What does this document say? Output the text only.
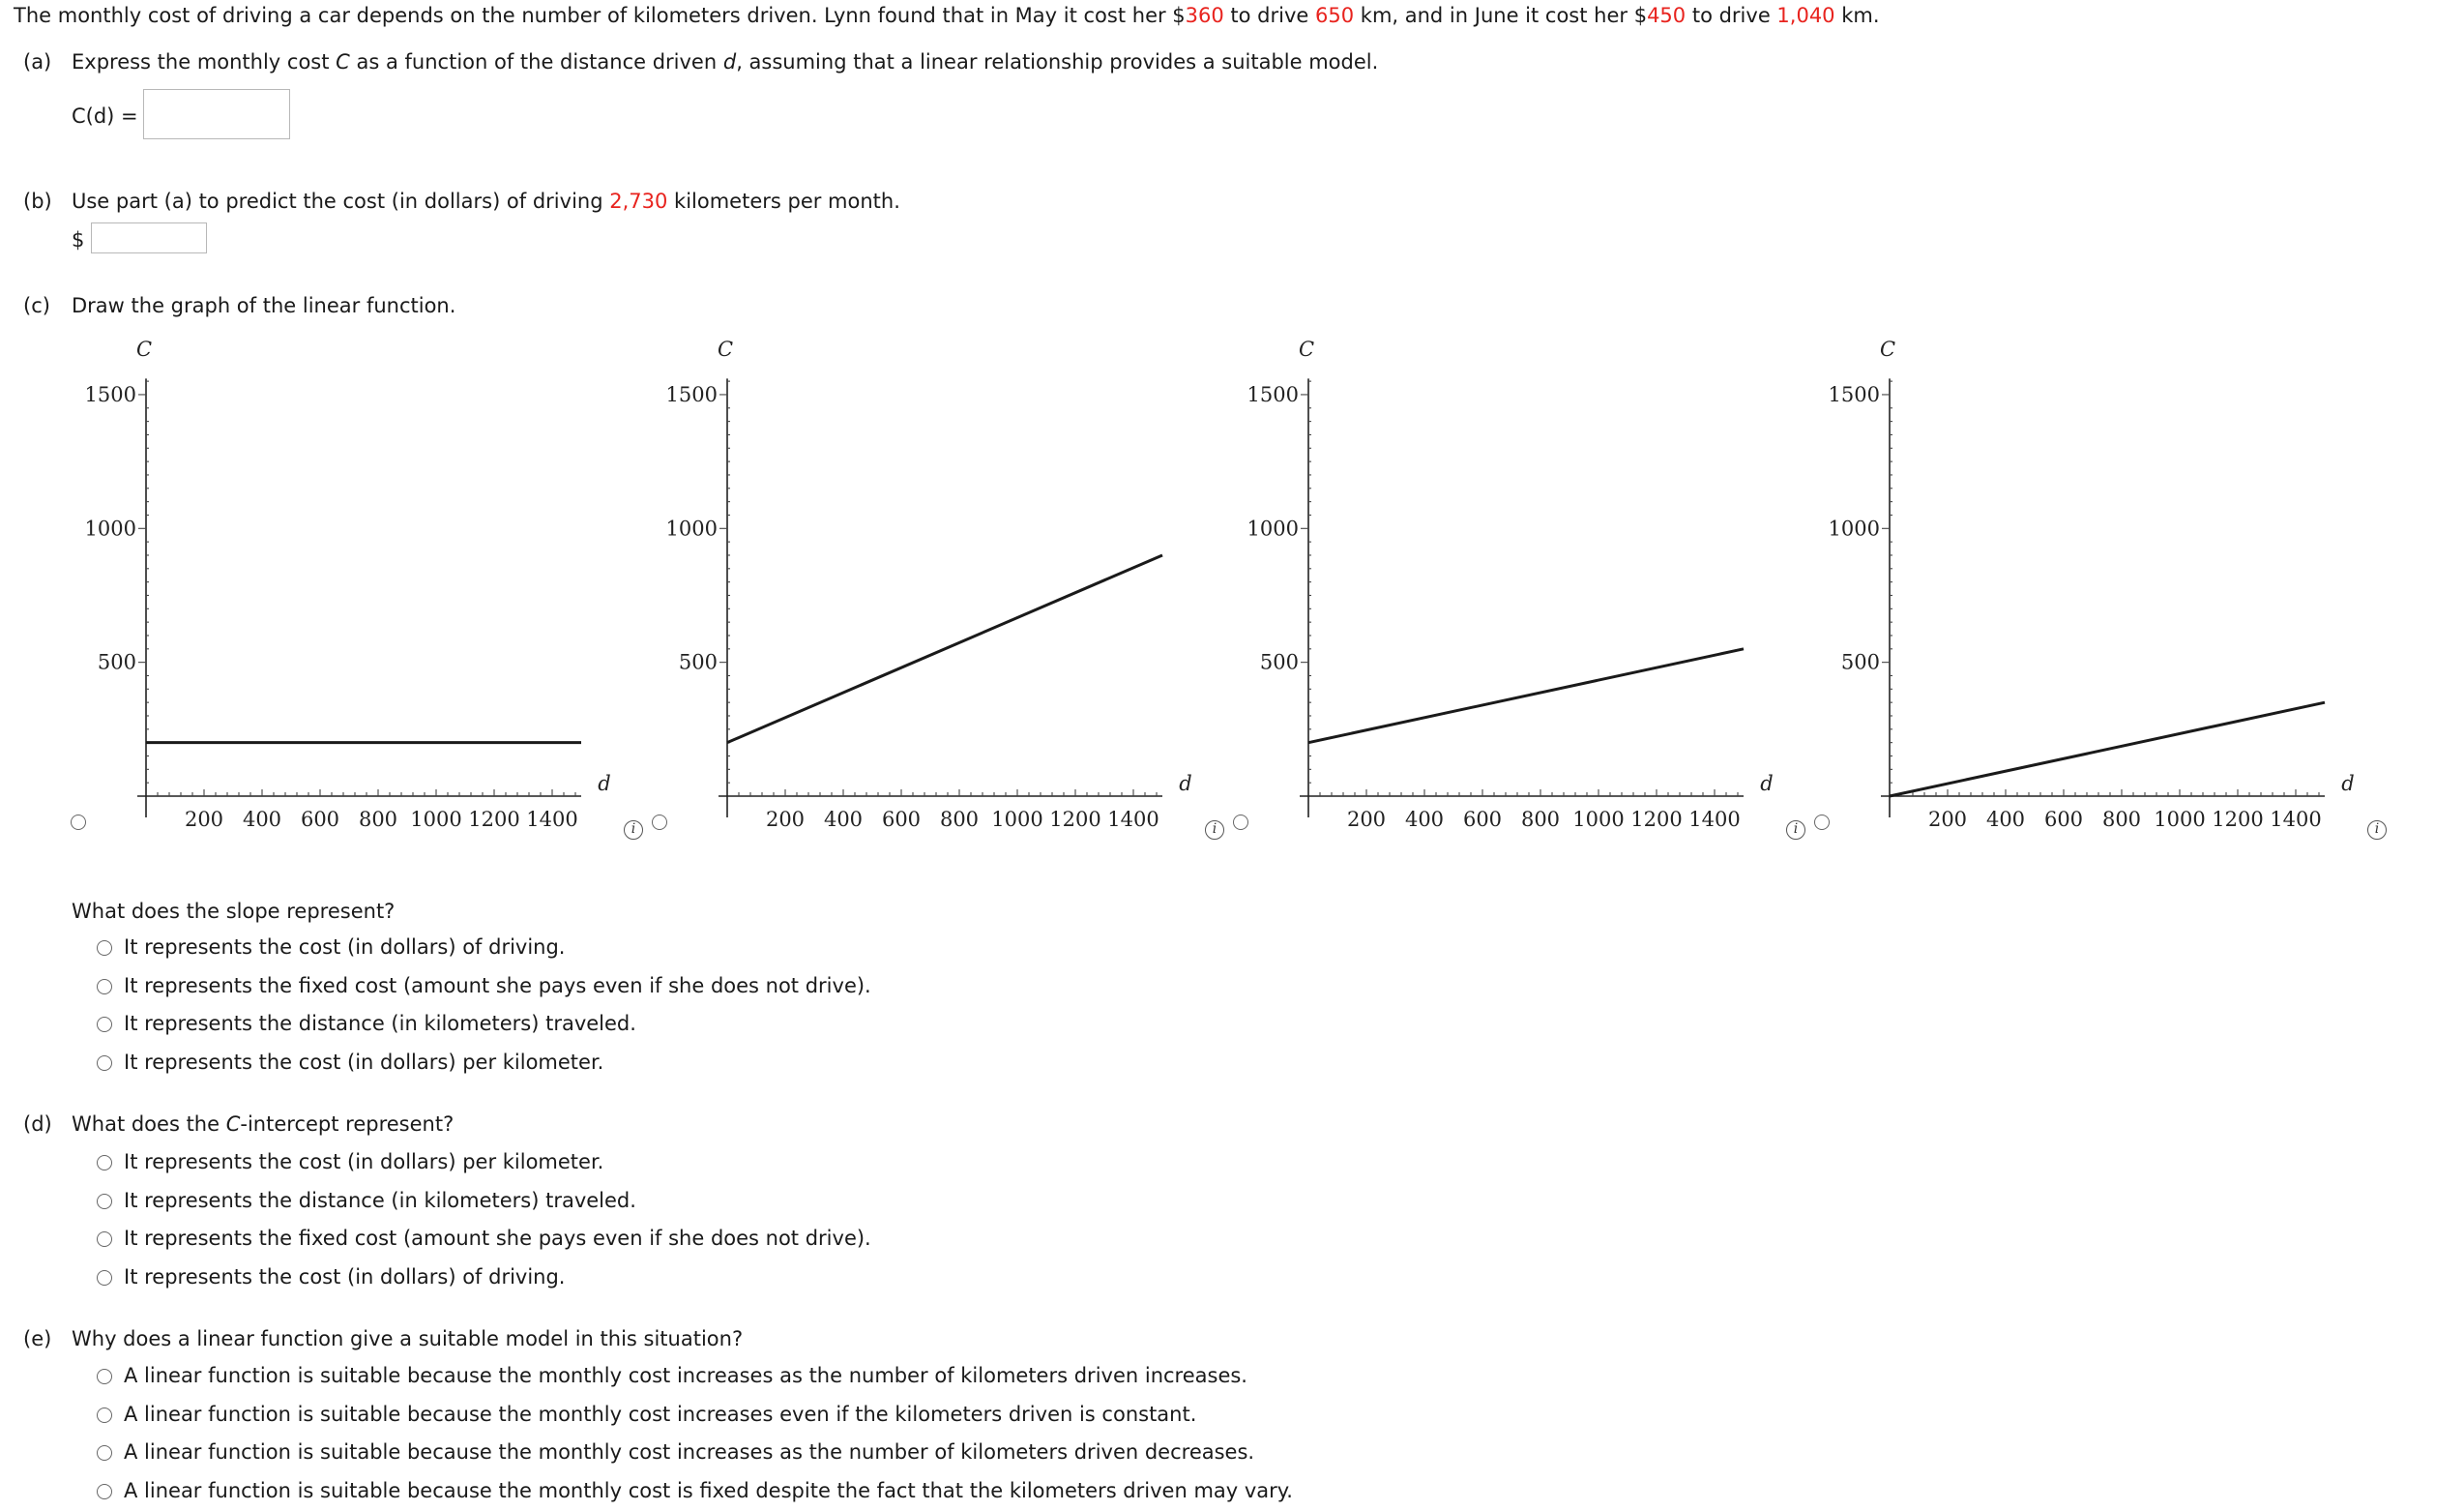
The monthly cost of driving a car depends on the number of kilometers driven. Lynn found that in May it cost her $360 to drive 650 km, and in June it cost her $450 to drive 1,040 km.
(a) Express the monthly cost C as a function of the distance driven d, assuming that a linear relationship provides a suitable model.
C(d) =
(b) Use part (a) to predict the cost (in dollars) of driving 2,730 kilometers per month.
$
(c) Draw the graph of the linear function.
200 400 600 800 1000 1200 1400
500
1000
1500
d
C
i	200 400 600 800 1000 1200 1400
500
1000
1500
d
C
i	200 400 600 800 1000 1200 1400
500
1000
1500
d
C
i	200 400 600 800 1000 1200 1400
500
1000
1500
d
C
i
What does the slope represent?
It represents the cost (in dollars) of driving.
It represents the fixed cost (amount she pays even if she does not drive).
It represents the distance (in kilometers) traveled.
It represents the cost (in dollars) per kilometer.
(d) What does the C-intercept represent?
It represents the cost (in dollars) per kilometer.
It represents the distance (in kilometers) traveled.
It represents the fixed cost (amount she pays even if she does not drive).
It represents the cost (in dollars) of driving.
(e) Why does a linear function give a suitable model in this situation?
A linear function is suitable because the monthly cost increases as the number of kilometers driven increases.
A linear function is suitable because the monthly cost increases even if the kilometers driven is constant.
A linear function is suitable because the monthly cost increases as the number of kilometers driven decreases.
A linear function is suitable because the monthly cost is fixed despite the fact that the kilometers driven may vary.
